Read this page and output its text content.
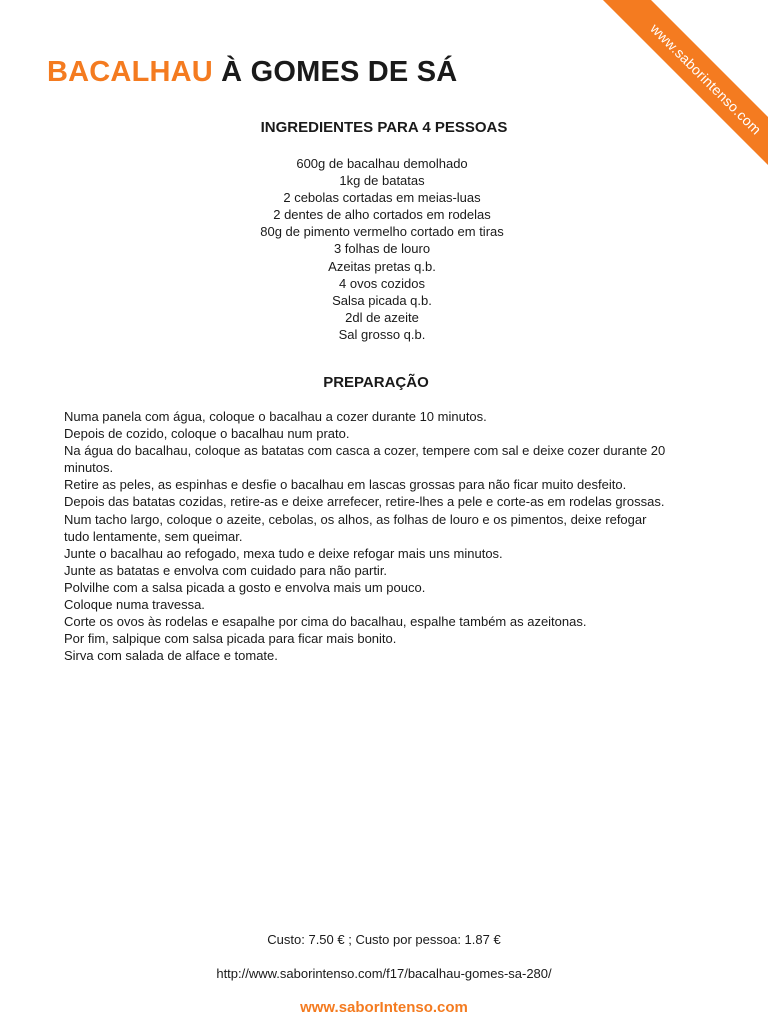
www.saborintenso.com
BACALHAU À GOMES DE SÁ
INGREDIENTES PARA 4 PESSOAS
600g de bacalhau demolhado
1kg de batatas
2 cebolas cortadas em meias-luas
2 dentes de alho cortados em rodelas
80g de pimento vermelho cortado em tiras
3 folhas de louro
Azeitas pretas q.b.
4 ovos cozidos
Salsa picada q.b.
2dl de azeite
Sal grosso q.b.
PREPARAÇÃO
Numa panela com água, coloque o bacalhau a cozer durante 10 minutos.
Depois de cozido, coloque o bacalhau num prato.
Na água do bacalhau, coloque as batatas com casca a cozer, tempere com sal e deixe cozer durante 20 minutos.
Retire as peles, as espinhas e desfie o bacalhau em lascas grossas para não ficar muito desfeito.
Depois das batatas cozidas, retire-as e deixe arrefecer, retire-lhes a pele e corte-as em rodelas grossas.
Num tacho largo, coloque o azeite, cebolas, os alhos, as folhas de louro e os pimentos, deixe refogar tudo lentamente, sem queimar.
Junte o bacalhau ao refogado, mexa tudo e deixe refogar mais uns minutos.
Junte as batatas e envolva com cuidado para não partir.
Polvilhe com a salsa picada a gosto e envolva mais um pouco.
Coloque numa travessa.
Corte os ovos às rodelas e esapalhe por cima do bacalhau, espalhe também as azeitonas.
Por fim, salpique com salsa picada para ficar mais bonito.
Sirva com salada de alface e tomate.
Custo: 7.50 € ; Custo por pessoa: 1.87 €
http://www.saborintenso.com/f17/bacalhau-gomes-sa-280/
www.saborIntenso.com
